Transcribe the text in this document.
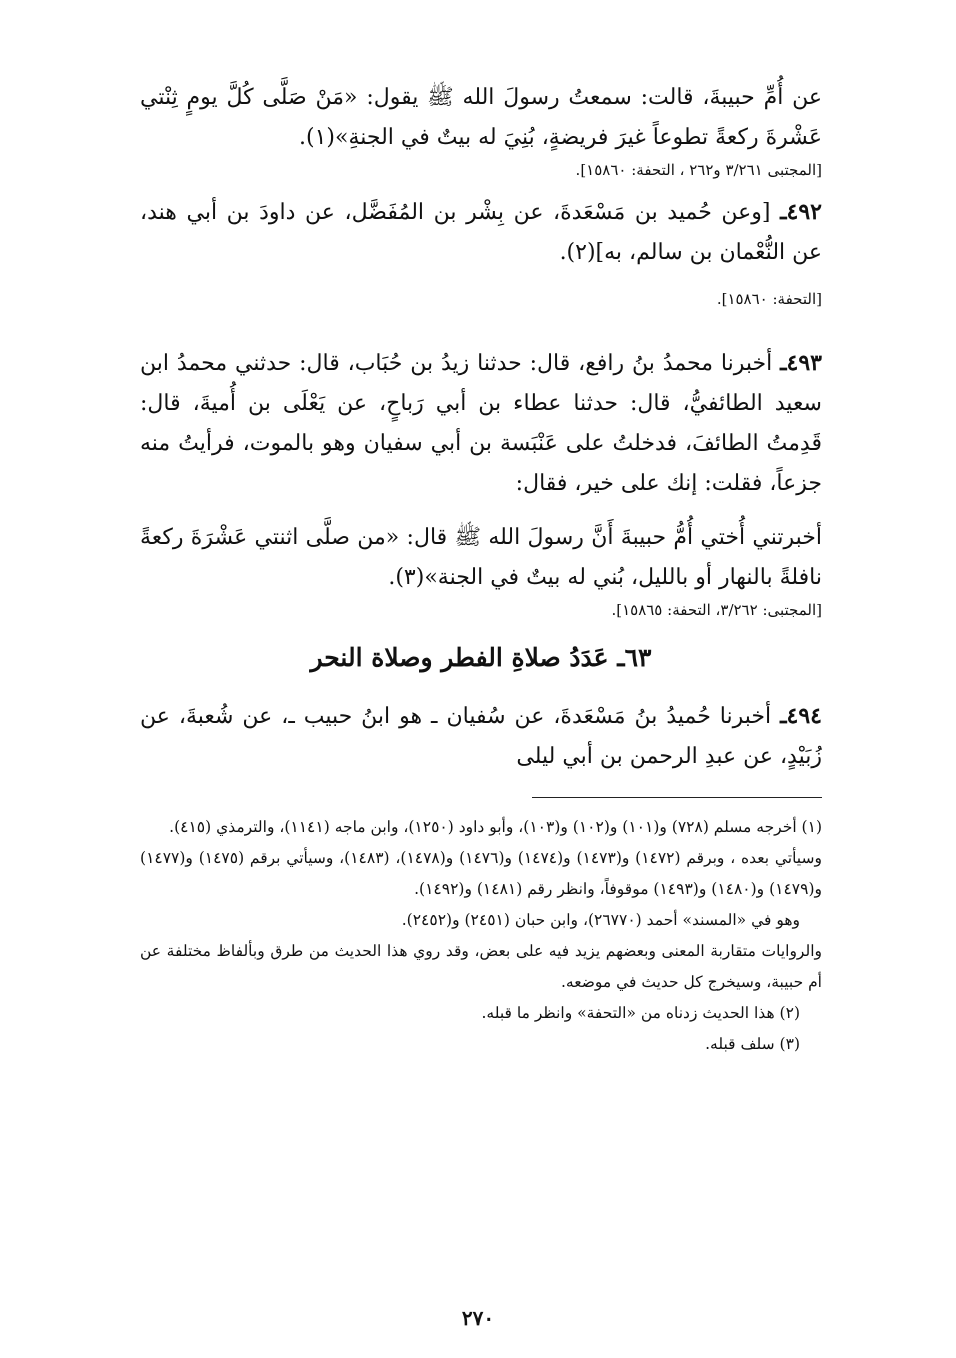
عن أُمِّ حبيبةَ، قالت: سمعتُ رسولَ الله ﷺ يقول: «مَنْ صَلَّى كُلَّ يومٍ ثِنْتي عَشْرةَ ركعةً تطوعاً غيرَ فريضةٍ، بُنِيَ له بيتٌ في الجنةِ»(١).

[المجتبى ٣/٢٦١ و٢٦٢ ، التحفة: ١٥٨٦٠].

٤٩٢ـ [وعن حُميد بن مَسْعَدةَ، عن بِشْر بن المُفَضَّل، عن داودَ بن أبي هند، عن النُّعْمان بن سالم، به](٢).

[التحفة: ١٥٨٦٠].

٤٩٣ـ أخبرنا محمدُ بنُ رافع، قال: حدثنا زيدُ بن حُبَاب، قال: حدثني محمدُ ابن سعيد الطائفيُّ، قال: حدثنا عطاء بن أبي رَباحٍ، عن يَعْلَى بن أُميةَ، قال: قَدِمتُ الطائفَ، فدخلتُ على عَنْبَسة بن أبي سفيان وهو بالموت، فرأيتُ منه جزعاً، فقلت: إنك على خير، فقال:

أخبرتني أُختي أُمُّ حبيبةَ أَنَّ رسولَ الله ﷺ قال: «من صلَّى اثنتي عَشْرَةَ ركعةً نافلةً بالنهار أو بالليل، بُني له بيتٌ في الجنة»(٣).

[المجتبى: ٣/٢٦٢، التحفة: ١٥٨٦٥].

٦٣ـ عَدَدُ صلاةِ الفطر وصلاة النحر

٤٩٤ـ أخبرنا حُميدُ بنُ مَسْعَدةَ، عن سُفيان ـ هو ابنُ حبيب ـ، عن شُعبةَ، عن زُبَيْدٍ، عن عبدِ الرحمن بن أبي ليلى

(١) أخرجه مسلم (٧٢٨) و(١٠١) و(١٠٢) و(١٠٣)، وأبو داود (١٢٥٠)، وابن ماجه (١١٤١)، والترمذي (٤١٥).

وسيأتي بعده ، وبرقم (١٤٧٢) و(١٤٧٣) و(١٤٧٤) و(١٤٧٦) و(١٤٧٨)، (١٤٨٣)، وسيأتي برقم (١٤٧٥) و(١٤٧٧) و(١٤٧٩) و(١٤٨٠) و(١٤٩٣) موقوفاً، وانظر رقم (١٤٨١) و(١٤٩٢).

وهو في «المسند» أحمد (٢٦٧٧٠)، وابن حبان (٢٤٥١) و(٢٤٥٢).

والروايات متقاربة المعنى وبعضهم يزيد فيه على بعض، وقد روي هذا الحديث من طرق وبألفاظ مختلفة عن أم حبيبة، وسيخرج كل حديث في موضعه.

(٢) هذا الحديث زدناه من «التحفة» وانظر ما قبله.

(٣) سلف قبله.

٢٧٠
